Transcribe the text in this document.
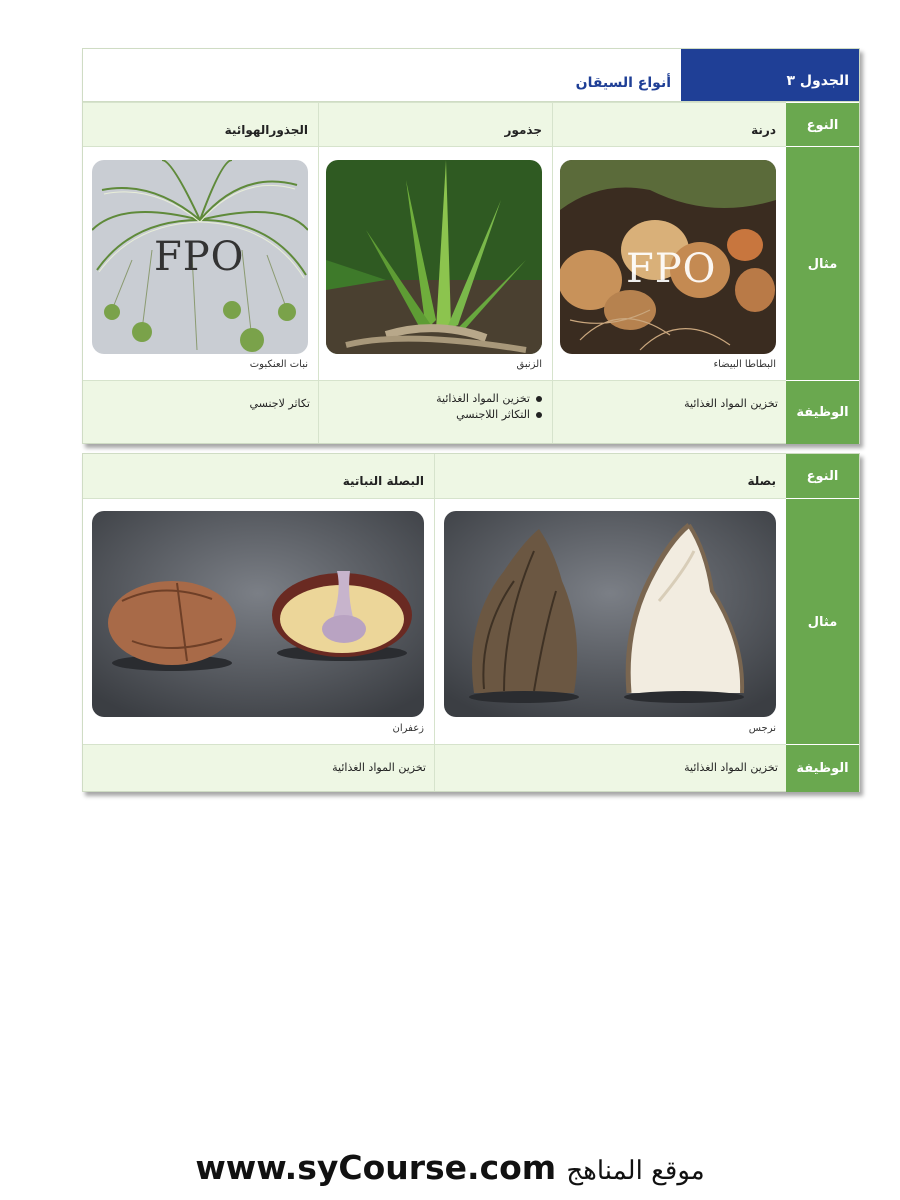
الجدول ٣
أنواع السيقان
النوع
درنة
جذمور
الجذورالهوائية
مثال
FPO
البطاطا البيضاء
الزنبق
FPO
نبات العنكبوت
الوظيفة
تخزين المواد الغذائية
تخزين المواد الغذائية
التكاثر اللاجنسي
تكاثر لاجنسي
النوع
بصلة
البصلة النباتية
مثال
نرجس
زعفران
الوظيفة
تخزين المواد الغذائية
تخزين المواد الغذائية
www.syCourse.com موقع المناهج
